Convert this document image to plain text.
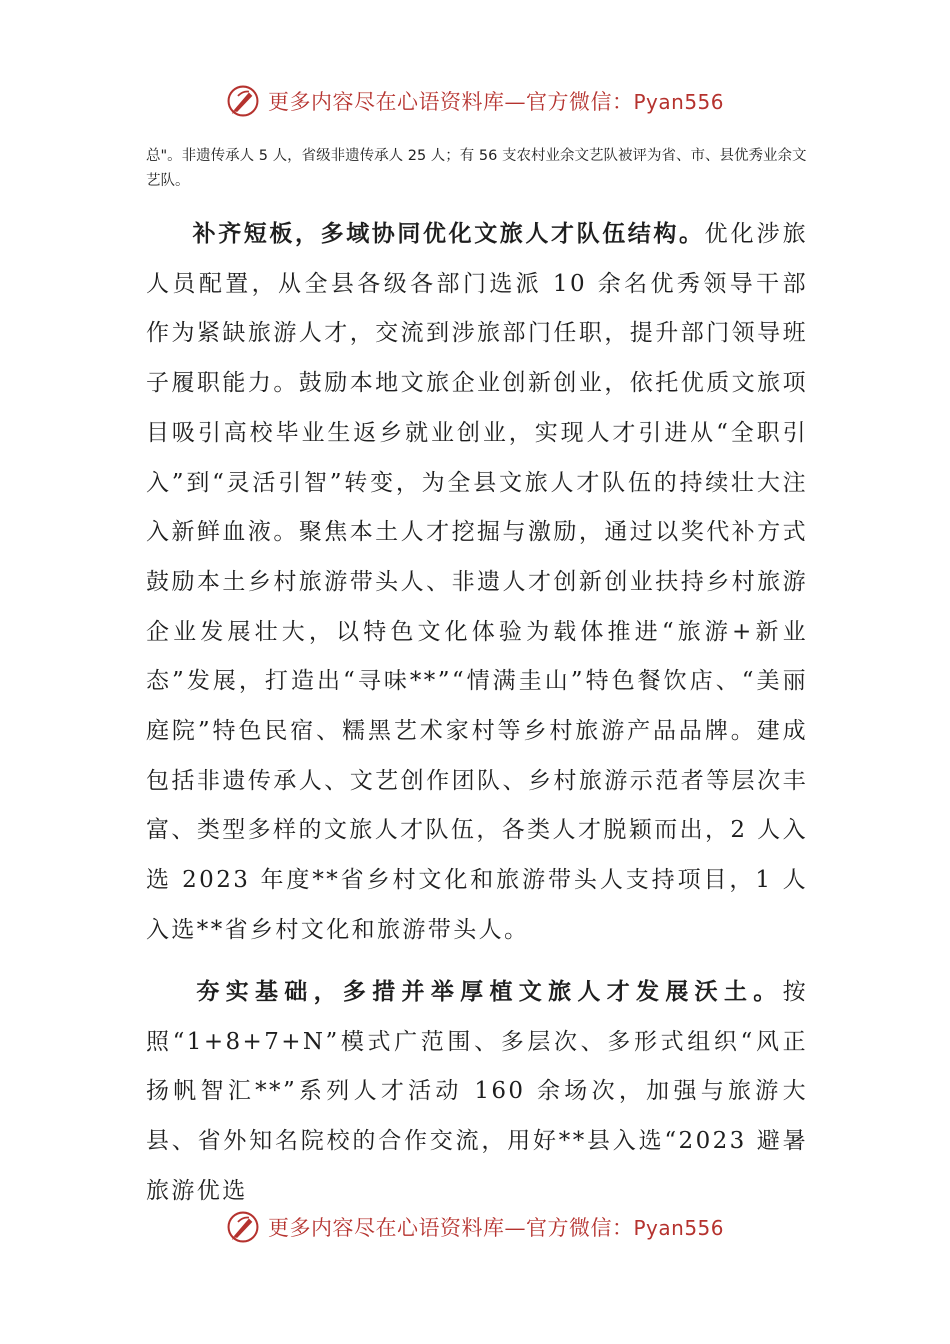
更多内容尽在心语资料库—官方微信：Pyan556

总"。非遗传承人 5 人，省级非遗传承人 25 人；有 56 支农村业余文艺队被评为省、市、县优秀业余文艺队。

补齐短板，多域协同优化文旅人才队伍结构。优化涉旅人员配置，从全县各级各部门选派 10 余名优秀领导干部作为紧缺旅游人才，交流到涉旅部门任职，提升部门领导班子履职能力。鼓励本地文旅企业创新创业，依托优质文旅项目吸引高校毕业生返乡就业创业，实现人才引进从“全职引入”到“灵活引智”转变，为全县文旅人才队伍的持续壮大注入新鲜血液。聚焦本土人才挖掘与激励，通过以奖代补方式鼓励本土乡村旅游带头人、非遗人才创新创业扶持乡村旅游企业发展壮大，以特色文化体验为载体推进“旅游+新业态”发展，打造出“寻味**”“情满圭山”特色餐饮店、“美丽庭院”特色民宿、糯黑艺术家村等乡村旅游产品品牌。建成包括非遗传承人、文艺创作团队、乡村旅游示范者等层次丰富、类型多样的文旅人才队伍，各类人才脱颖而出，2 人入选 2023 年度**省乡村文化和旅游带头人支持项目，1 人入选**省乡村文化和旅游带头人。

夯实基础，多措并举厚植文旅人才发展沃土。按照“1+8+7+N”模式广范围、多层次、多形式组织“风正扬帆智汇**”系列人才活动 160 余场次，加强与旅游大县、省外知名院校的合作交流，用好**县入选“2023 避暑旅游优选

更多内容尽在心语资料库—官方微信：Pyan556
